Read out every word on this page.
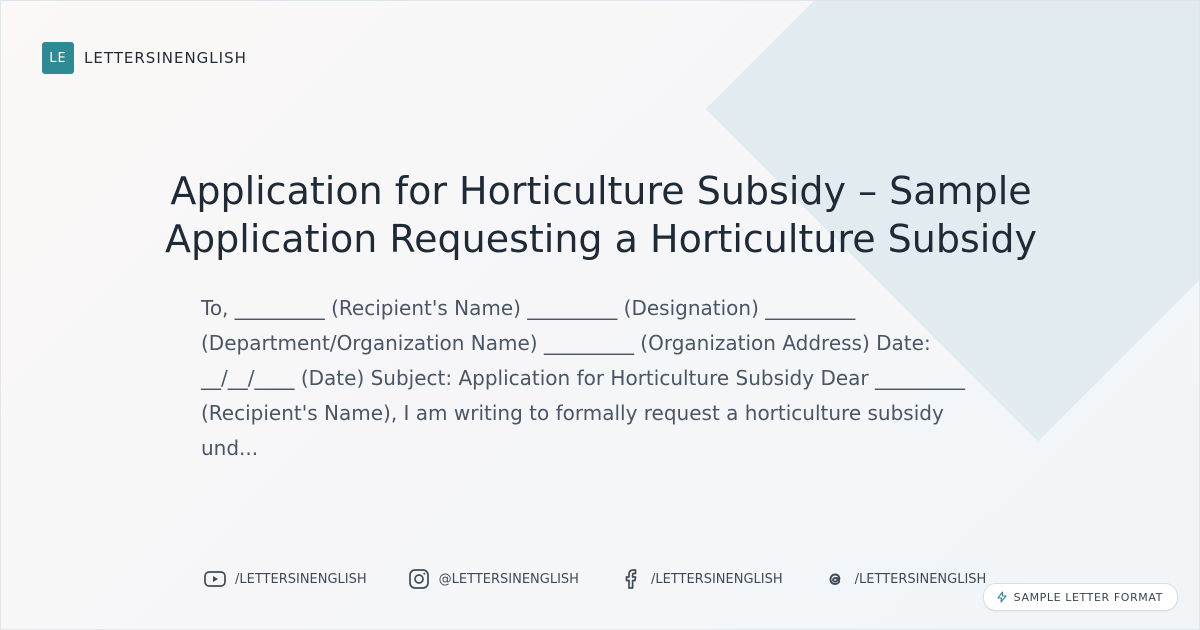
LE	LETTERSINENGLISH
Application for Horticulture Subsidy – Sample Application Requesting a Horticulture Subsidy

To, _________ (Recipient's Name) _________ (Designation) _________ (Department/Organization Name) _________ (Organization Address) Date: __/__/____ (Date) Subject: Application for Horticulture Subsidy Dear _________ (Recipient's Name), I am writing to formally request a horticulture subsidy und...

/LETTERSINENGLISH	@LETTERSINENGLISH	/LETTERSINENGLISH	/LETTERSINENGLISH
SAMPLE LETTER FORMAT
